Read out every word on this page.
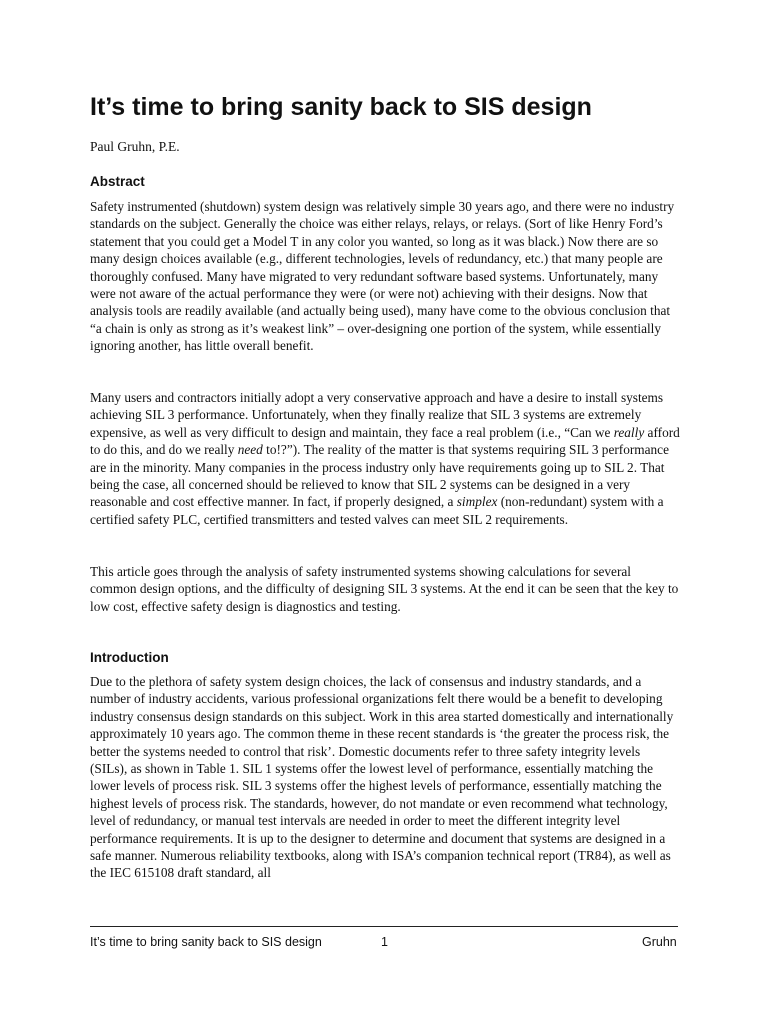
It’s time to bring sanity back to SIS design
Paul Gruhn, P.E.
Abstract

Safety instrumented (shutdown) system design was relatively simple 30 years ago, and there were no industry standards on the subject. Generally the choice was either relays, relays, or relays. (Sort of like Henry Ford’s statement that you could get a Model T in any color you wanted, so long as it was black.) Now there are so many design choices available (e.g., different technologies, levels of redundancy, etc.) that many people are thoroughly confused. Many have migrated to very redundant software based systems. Unfortunately, many were not aware of the actual performance they were (or were not) achieving with their designs. Now that analysis tools are readily available (and actually being used), many have come to the obvious conclusion that “a chain is only as strong as it’s weakest link” – over-designing one portion of the system, while essentially ignoring another, has little overall benefit.

Many users and contractors initially adopt a very conservative approach and have a desire to install systems achieving SIL 3 performance. Unfortunately, when they finally realize that SIL 3 systems are extremely expensive, as well as very difficult to design and maintain, they face a real problem (i.e., “Can we really afford to do this, and do we really need to!?”). The reality of the matter is that systems requiring SIL 3 performance are in the minority. Many companies in the process industry only have requirements going up to SIL 2. That being the case, all concerned should be relieved to know that SIL 2 systems can be designed in a very reasonable and cost effective manner. In fact, if properly designed, a simplex (non-redundant) system with a certified safety PLC, certified transmitters and tested valves can meet SIL 2 requirements.

This article goes through the analysis of safety instrumented systems showing calculations for several common design options, and the difficulty of designing SIL 3 systems. At the end it can be seen that the key to low cost, effective safety design is diagnostics and testing.

Introduction

Due to the plethora of safety system design choices, the lack of consensus and industry standards, and a number of industry accidents, various professional organizations felt there would be a benefit to developing industry consensus design standards on this subject. Work in this area started domestically and internationally approximately 10 years ago. The common theme in these recent standards is ‘the greater the process risk, the better the systems needed to control that risk’. Domestic documents refer to three safety integrity levels (SILs), as shown in Table 1. SIL 1 systems offer the lowest level of performance, essentially matching the lower levels of process risk. SIL 3 systems offer the highest levels of performance, essentially matching the highest levels of process risk. The standards, however, do not mandate or even recommend what technology, level of redundancy, or manual test intervals are needed in order to meet the different integrity level performance requirements. It is up to the designer to determine and document that systems are designed in a safe manner. Numerous reliability textbooks, along with ISA’s companion technical report (TR84), as well as the IEC 615108 draft standard, all

It’s time to bring sanity back to SIS design	1	Gruhn
